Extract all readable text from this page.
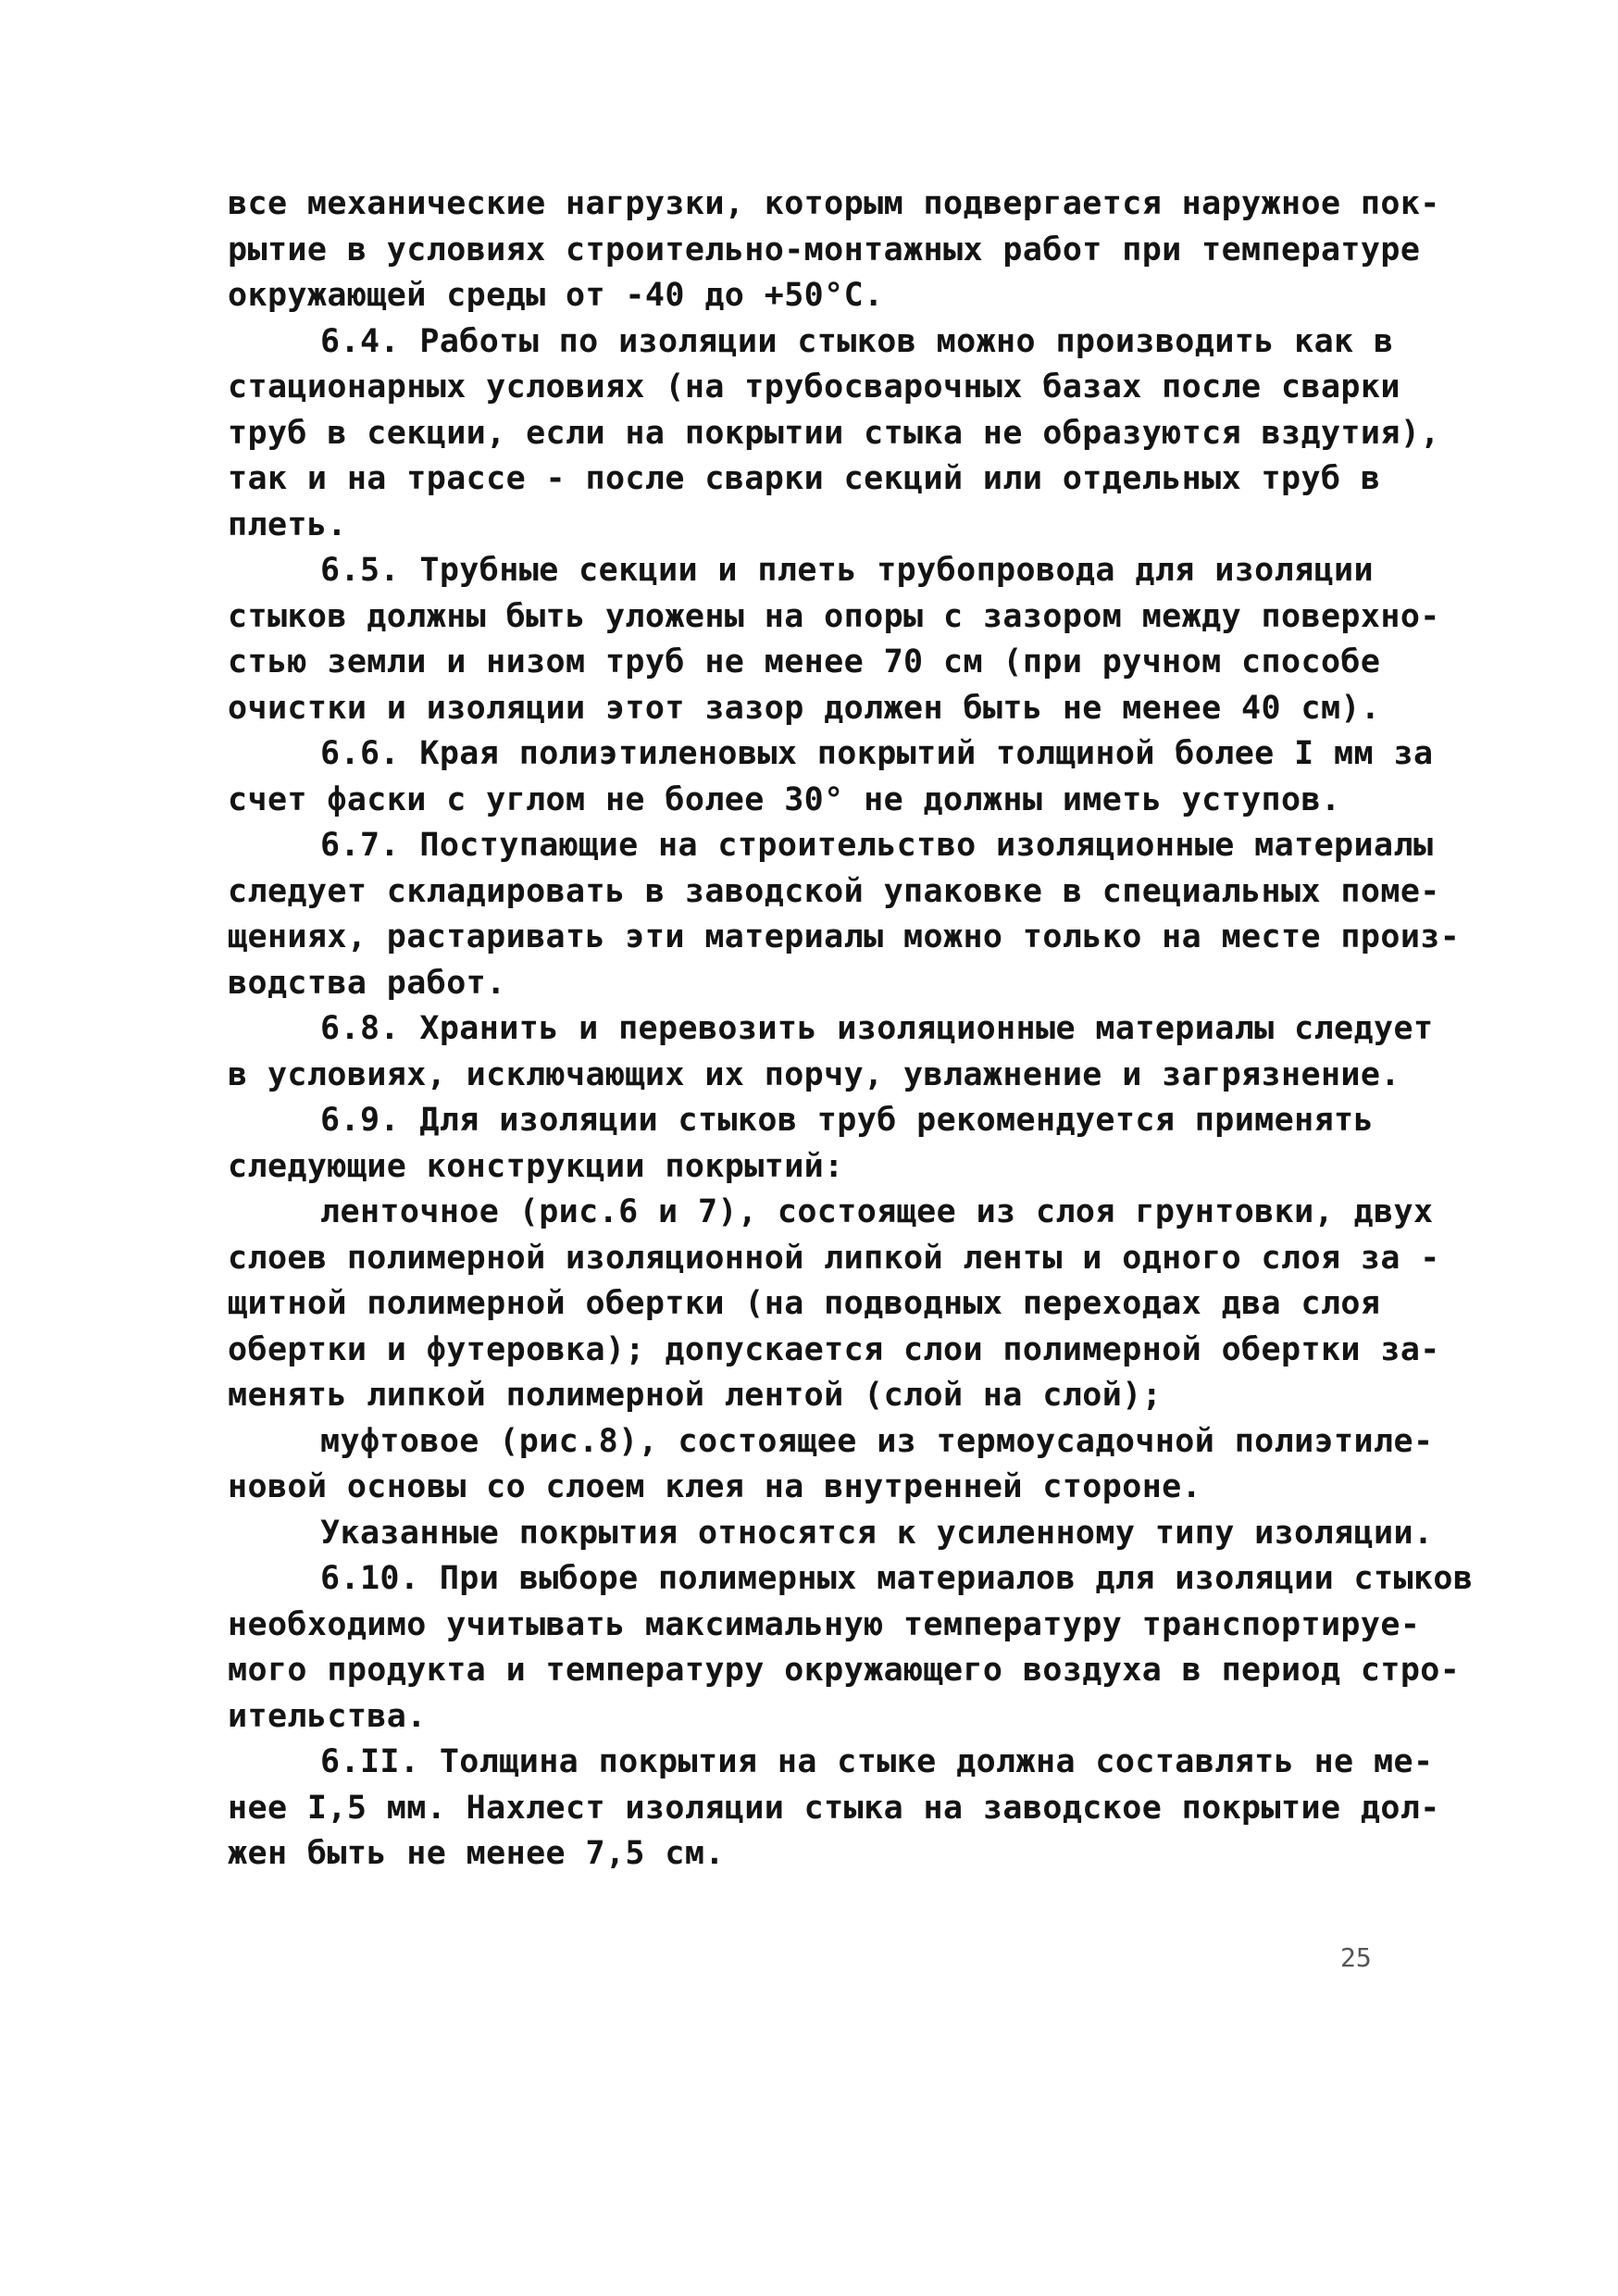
все механические нагрузки, которым подвергается наружное пок-
рытие в условиях строительно-монтажных работ при температуре
окружающей среды от -40 до +50°C.
6.4. Работы по изоляции стыков можно производить как в
стационарных условиях (на трубосварочных базах после сварки
труб в секции, если на покрытии стыка не образуются вздутия),
так и на трассе - после сварки секций или отдельных труб в
плеть.
6.5. Трубные секции и плеть трубопровода для изоляции
стыков должны быть уложены на опоры с зазором между поверхно-
стью земли и низом труб не менее 70 см (при ручном способе
очистки и изоляции этот зазор должен быть не менее 40 см).
6.6. Края полиэтиленовых покрытий толщиной более I мм за
счет фаски с углом не более 30° не должны иметь уступов.
6.7. Поступающие на строительство изоляционные материалы
следует складировать в заводской упаковке в специальных поме-
щениях, растаривать эти материалы можно только на месте произ-
водства работ.
6.8. Хранить и перевозить изоляционные материалы следует
в условиях, исключающих их порчу, увлажнение и загрязнение.
6.9. Для изоляции стыков труб рекомендуется применять
следующие конструкции покрытий:
ленточное (рис.6 и 7), состоящее из слоя грунтовки, двух
слоев полимерной изоляционной липкой ленты и одного слоя за -
щитной полимерной обертки (на подводных переходах два слоя
обертки и футеровка); допускается слои полимерной обертки за-
менять липкой полимерной лентой (слой на слой);
муфтовое (рис.8), состоящее из термоусадочной полиэтиле-
новой основы со слоем клея на внутренней стороне.
Указанные покрытия относятся к усиленному типу изоляции.
6.10. При выборе полимерных материалов для изоляции стыков
необходимо учитывать максимальную температуру транспортируе-
мого продукта и температуру окружающего воздуха в период стро-
ительства.
6.II. Толщина покрытия на стыке должна составлять не ме-
нее I,5 мм. Нахлест изоляции стыка на заводское покрытие дол-
жен быть не менее 7,5 см.
25
